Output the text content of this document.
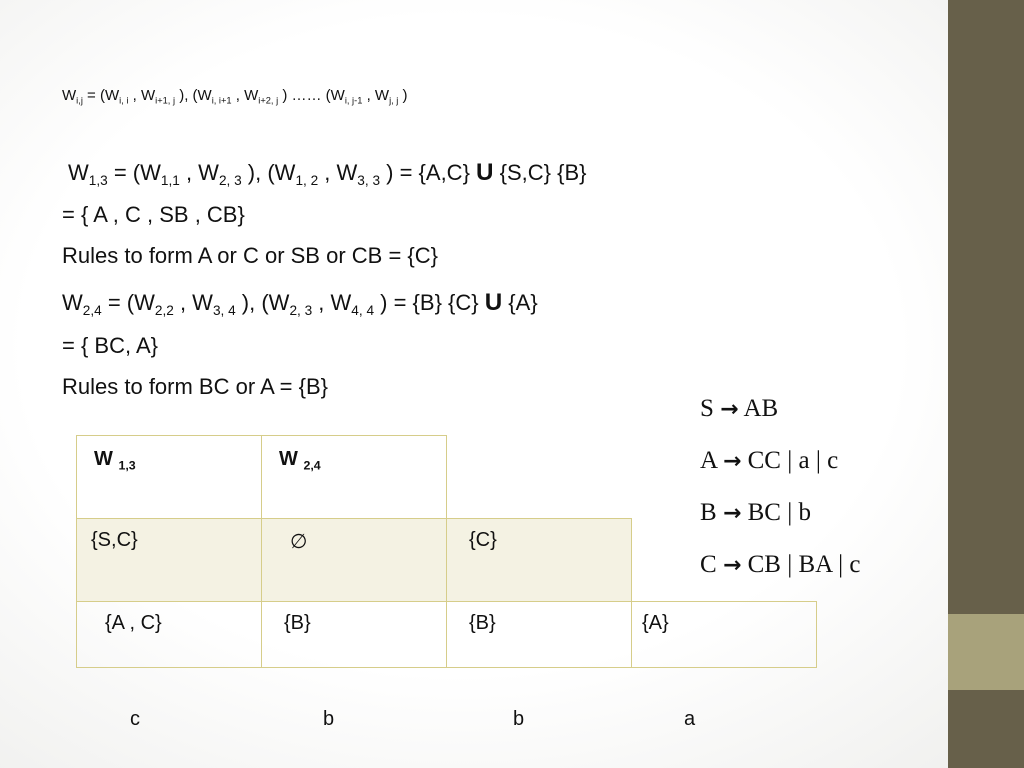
$W_{i,j} = (W_{i, i}$ , $W_{i+1, j}$ ), ($W_{i, i+1}$ , $W_{i+2, j}$ ) …… ($W_{i, j-1}$ , $W_{j, j}$ )
$W_{1,3} = (W_{1,1}$ , $W_{2, 3}$ ), ($W_{1, 2}$ , $W_{3, 3}$ ) = {A,C} U {S,C} {B}
= { A , C , SB , CB}
Rules to form A or C or SB or CB = {C}
$W_{2,4} = (W_{2,2}$ , $W_{3, 4}$ ), ($W_{2, 3}$ , $W_{4, 4}$ ) = {B} {C} U {A}
= { BC, A}
Rules to form BC or A = {B}
S → AB
A → CC | a | c
B → BC | b
C → CB | BA | c
W $_{1,3}$	W $_{2,4}$
{S,C}	∅	{C}
{A , C}	{B}	{B}	{A}
c	b	b	a
